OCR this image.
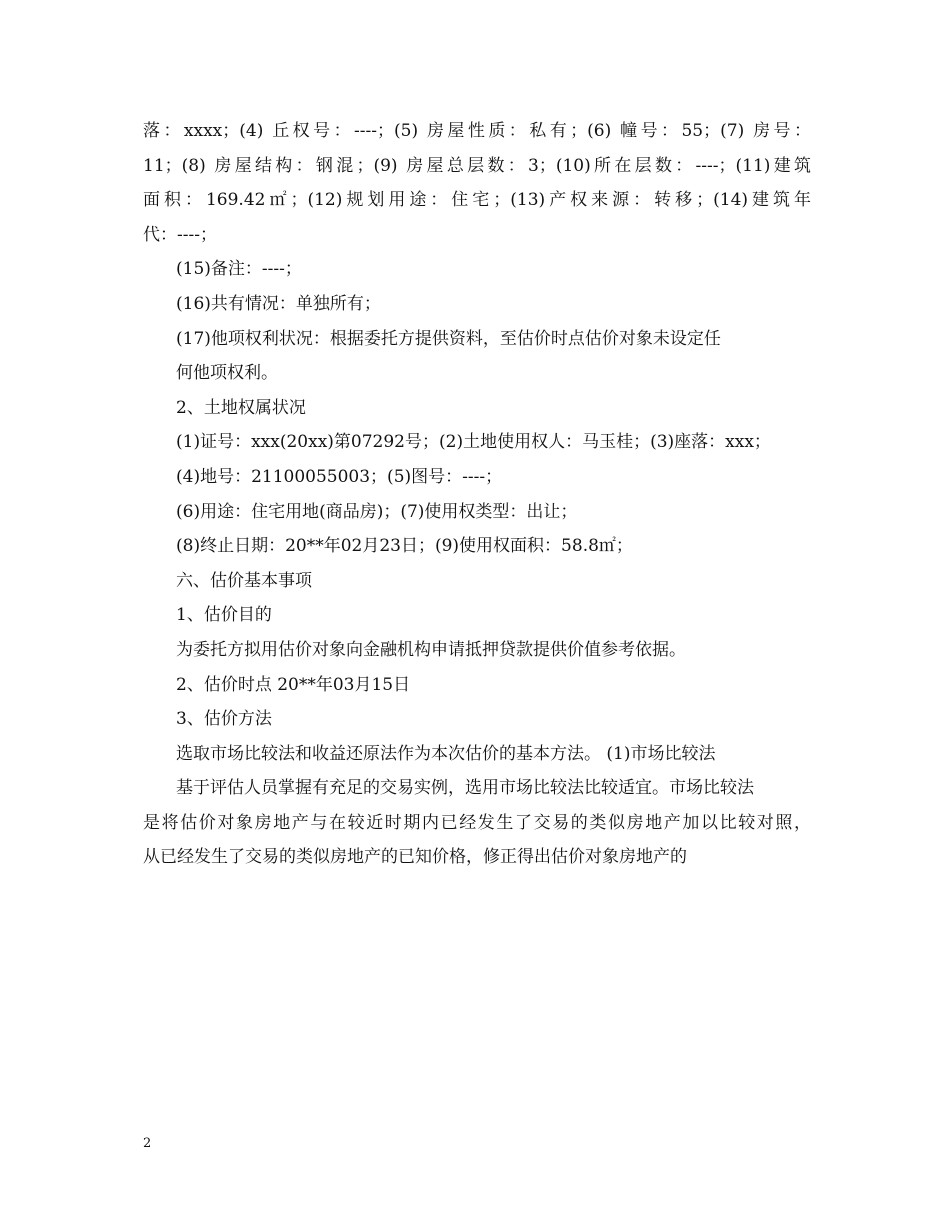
落：xxxx；(4) 丘权号：----；(5) 房屋性质：私有；(6) 幢号：55；(7) 房号：
11；(8) 房屋结构：钢混；(9) 房屋总层数：3；(10)所在层数：----；(11)建筑
面积：169.42㎡；(12)规划用途：住宅；(13)产权来源：转移；(14)建筑年
代：----；
(15)备注：----；
(16)共有情况：单独所有；
(17)他项权利状况：根据委托方提供资料，至估价时点估价对象未设定任
何他项权利。
2、土地权属状况
(1)证号：xxx(20xx)第07292号；(2)土地使用权人：马玉桂；(3)座落：xxx；
(4)地号：21100055003；(5)图号：----；
(6)用途：住宅用地(商品房)；(7)使用权类型：出让；
(8)终止日期：20**年02月23日；(9)使用权面积：58.8㎡；
六、估价基本事项
1、估价目的
为委托方拟用估价对象向金融机构申请抵押贷款提供价值参考依据。
2、估价时点 20**年03月15日
3、估价方法
选取市场比较法和收益还原法作为本次估价的基本方法。 (1)市场比较法
基于评估人员掌握有充足的交易实例，选用市场比较法比较适宜。市场比较法
是将估价对象房地产与在较近时期内已经发生了交易的类似房地产加以比较对照，
从已经发生了交易的类似房地产的已知价格，修正得出估价对象房地产的
2
